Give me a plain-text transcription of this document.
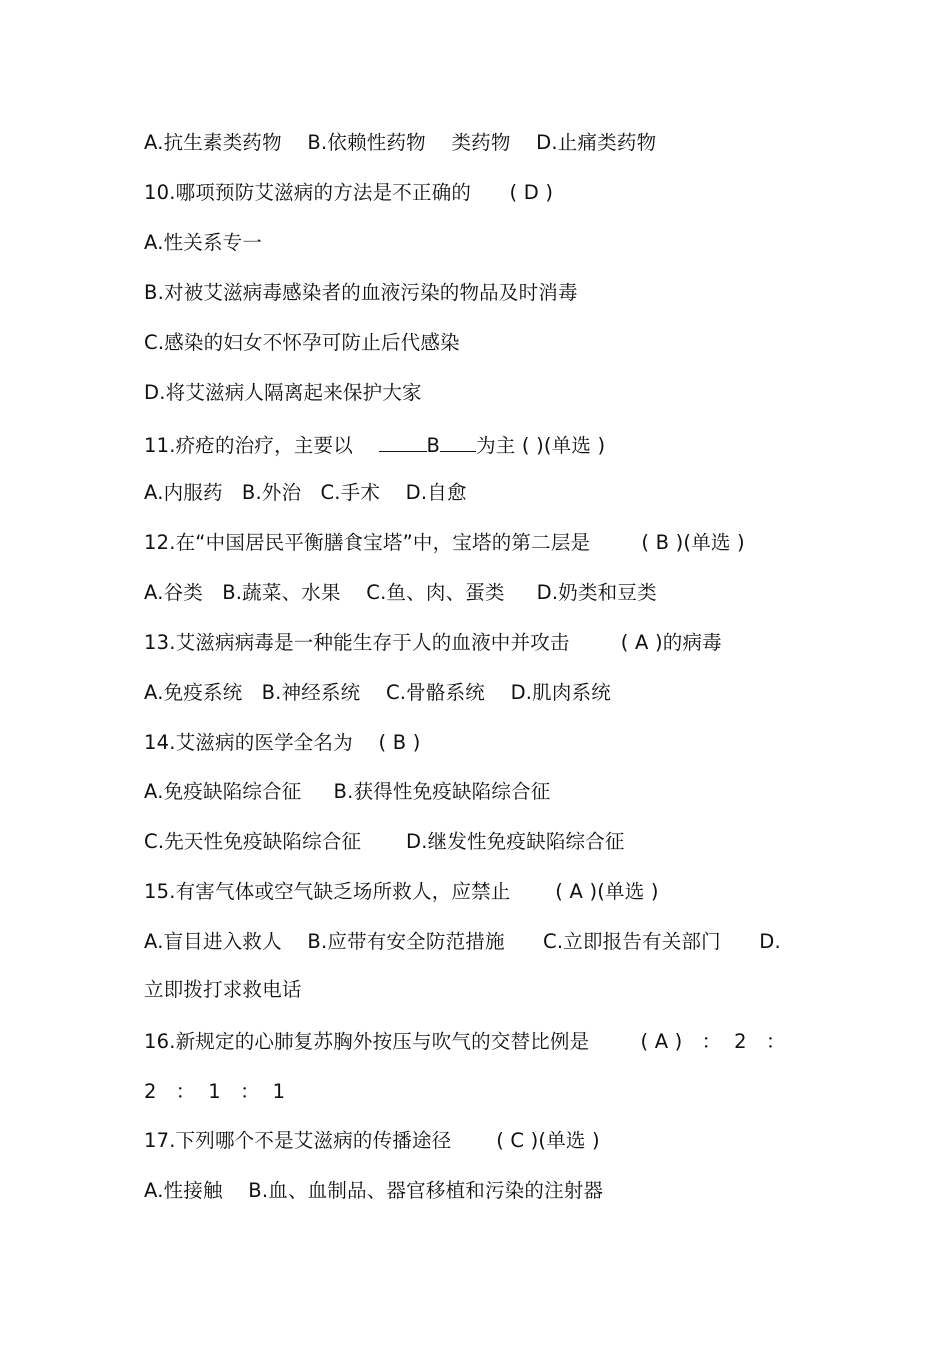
A.抗生素类药物    B.依赖性药物    类药物    D.止痛类药物
10.哪项预防艾滋病的方法是不正确的      ( D )
A.性关系专一
B.对被艾滋病毒感染者的血液污染的物品及时消毒
C.感染的妇女不怀孕可防止后代感染
D.将艾滋病人隔离起来保护大家
11.疥疮的治疗，主要以    B 为主 ( )(单选 )
A.内服药   B.外治   C.手术    D.自愈
12.在“中国居民平衡膳食宝塔”中，宝塔的第二层是        ( B )(单选 )
A.谷类   B.蔬菜、水果    C.鱼、肉、蛋类     D.奶类和豆类
13.艾滋病病毒是一种能生存于人的血液中并攻击        ( A )的病毒
A.免疫系统   B.神经系统    C.骨骼系统    D.肌肉系统
14.艾滋病的医学全名为    ( B )
A.免疫缺陷综合征     B.获得性免疫缺陷综合征
C.先天性免疫缺陷综合征       D.继发性免疫缺陷综合征
15.有害气体或空气缺乏场所救人，应禁止       ( A )(单选 )
A.盲目进入救人    B.应带有安全防范措施      C.立即报告有关部门      D.
立即拨打求救电话
16.新规定的心肺复苏胸外按压与吹气的交替比例是        ( A )   ：  2   ：
2   ：  1   ：  1
17.下列哪个不是艾滋病的传播途径       ( C )(单选 )
A.性接触    B.血、血制品、器官移植和污染的注射器
